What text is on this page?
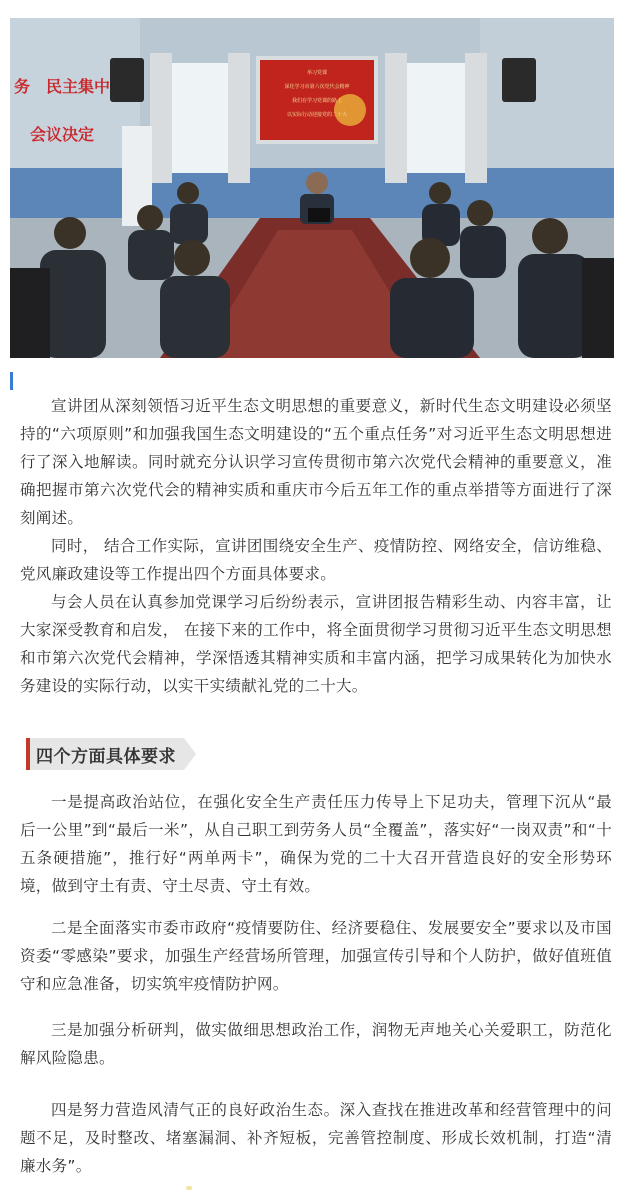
务 民主集中
会议决定
举习党课
深化学习市第六次党代会精神
我们在学习党课的路上
以实际行动迎接党的二十大

宣讲团从深刻领悟习近平生态文明思想的重要意义，新时代生态文明建设必须坚持的“六项原则”和加强我国生态文明建设的“五个重点任务”对习近平生态文明思想进行了深入地解读。同时就充分认识学习宣传贯彻市第六次党代会精神的重要意义，准确把握市第六次党代会的精神实质和重庆市今后五年工作的重点举措等方面进行了深刻阐述。

同时， 结合工作实际，宣讲团围绕安全生产、疫情防控、网络安全，信访维稳、党风廉政建设等工作提出四个方面具体要求。

与会人员在认真参加党课学习后纷纷表示，宣讲团报告精彩生动、内容丰富，让大家深受教育和启发， 在接下来的工作中，将全面贯彻学习贯彻习近平生态文明思想和市第六次党代会精神，学深悟透其精神实质和丰富内涵，把学习成果转化为加快水务建设的实际行动，以实干实绩献礼党的二十大。

四个方面具体要求

一是提高政治站位，在强化安全生产责任压力传导上下足功夫，管理下沉从“最后一公里”到“最后一米”，从自己职工到劳务人员“全覆盖”，落实好“一岗双责”和“十五条硬措施”，推行好“两单两卡”，确保为党的二十大召开营造良好的安全形势环境，做到守土有责、守土尽责、守土有效。

二是全面落实市委市政府“疫情要防住、经济要稳住、发展要安全”要求以及市国资委“零感染”要求，加强生产经营场所管理，加强宣传引导和个人防护，做好值班值守和应急准备，切实筑牢疫情防护网。

三是加强分析研判，做实做细思想政治工作，润物无声地关心关爱职工，防范化解风险隐患。

四是努力营造风清气正的良好政治生态。深入查找在推进改革和经营管理中的问题不足，及时整改、堵塞漏洞、补齐短板，完善管控制度、形成长效机制，打造“清廉水务”。
